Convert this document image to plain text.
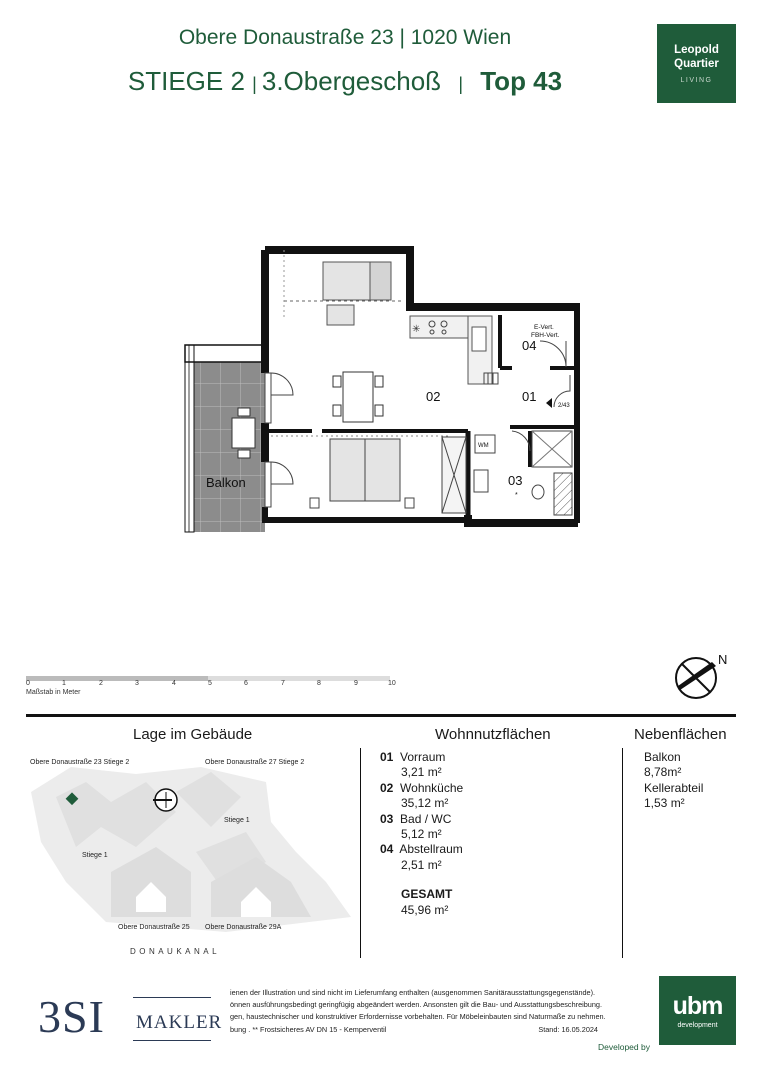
Obere Donaustraße 23 | 1020 Wien
STIEGE 2 | 3.Obergeschoß   |   Top 43
Leopold
Quartier
LIVING
✳
WM
Balkon
02	01
03
04
E-Vert.
FBH-Vert.
2/43
*
0	1	2	3	4	5	6	7	8	9	10
Maßstab in Meter
N
Lage im Gebäude
Obere Donaustraße 23 Stiege 2	Obere Donaustraße 27 Stiege 2
Stiege 1
Stiege 1
Obere Donaustraße 25 Obere Donaustraße 29A
DONAUKANAL
Wohnnutzflächen
01 Vorraum
3,21 m²
02 Wohnküche
35,12 m²
03 Bad / WC
5,12 m²
04 Abstellraum
2,51 m²
GESAMT
45,96 m²
Nebenflächen
Balkon
8,78m²
Kellerabteil
1,53 m²
3SI MAKLER
ienen der Illustration und sind nicht im Lieferumfang enthalten (ausgenommen Sanitärausstattungsgegenstände).
önnen ausführungsbedingt geringfügig abgeändert werden. Ansonsten gilt die Bau- und Ausstattungsbeschreibung.
gen, haustechnischer und konstruktiver Erfordernisse vorbehalten. Für Möbeleinbauten sind Naturmaße zu nehmen.
bung . ** Frostsicheres AV DN 15 - Kemperventil	Stand: 16.05.2024
ubm
development
Developed by
